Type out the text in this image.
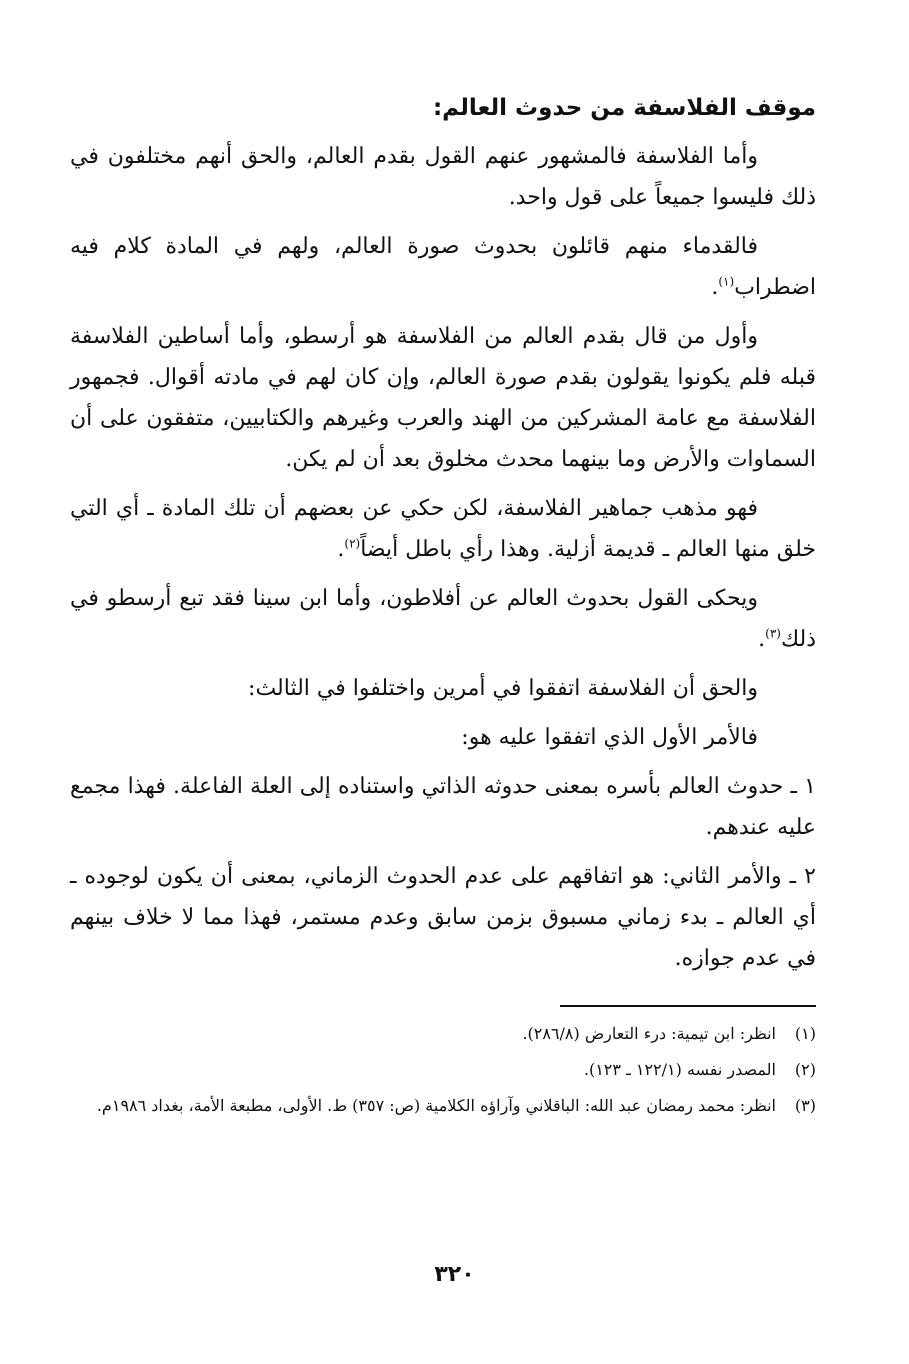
موقف الفلاسفة من حدوث العالم:

وأما الفلاسفة فالمشهور عنهم القول بقدم العالم، والحق أنهم مختلفون في ذلك فليسوا جميعاً على قول واحد.

فالقدماء منهم قائلون بحدوث صورة العالم، ولهم في المادة كلام فيه اضطراب$^{(١)}$.

وأول من قال بقدم العالم من الفلاسفة هو أرسطو، وأما أساطين الفلاسفة قبله فلم يكونوا يقولون بقدم صورة العالم، وإن كان لهم في مادته أقوال. فجمهور الفلاسفة مع عامة المشركين من الهند والعرب وغيرهم والكتابيين، متفقون على أن السماوات والأرض وما بينهما محدث مخلوق بعد أن لم يكن.

فهو مذهب جماهير الفلاسفة، لكن حكي عن بعضهم أن تلك المادة ـ أي التي خلق منها العالم ـ قديمة أزلية. وهذا رأي باطل أيضاً$^{(٢)}$.

ويحكى القول بحدوث العالم عن أفلاطون، وأما ابن سينا فقد تبع أرسطو في ذلك$^{(٣)}$.

والحق أن الفلاسفة اتفقوا في أمرين واختلفوا في الثالث:

فالأمر الأول الذي اتفقوا عليه هو:

١ ـ حدوث العالم بأسره بمعنى حدوثه الذاتي واستناده إلى العلة الفاعلة. فهذا مجمع عليه عندهم.

٢ ـ والأمر الثاني: هو اتفاقهم على عدم الحدوث الزماني، بمعنى أن يكون لوجوده ـ أي العالم ـ بدء زماني مسبوق بزمن سابق وعدم مستمر، فهذا مما لا خلاف بينهم في عدم جوازه.

(١)
انظر: ابن تيمية: درء التعارض (٢٨٦/٨).
(٢)
المصدر نفسه (١٢٢/١ ـ ١٢٣).
(٣)
انظر: محمد رمضان عبد الله: الباقلاني وآراؤه الكلامية (ص: ٣٥٧) ط. الأولى، مطبعة الأمة، بغداد ١٩٨٦م.
٣٢٠
